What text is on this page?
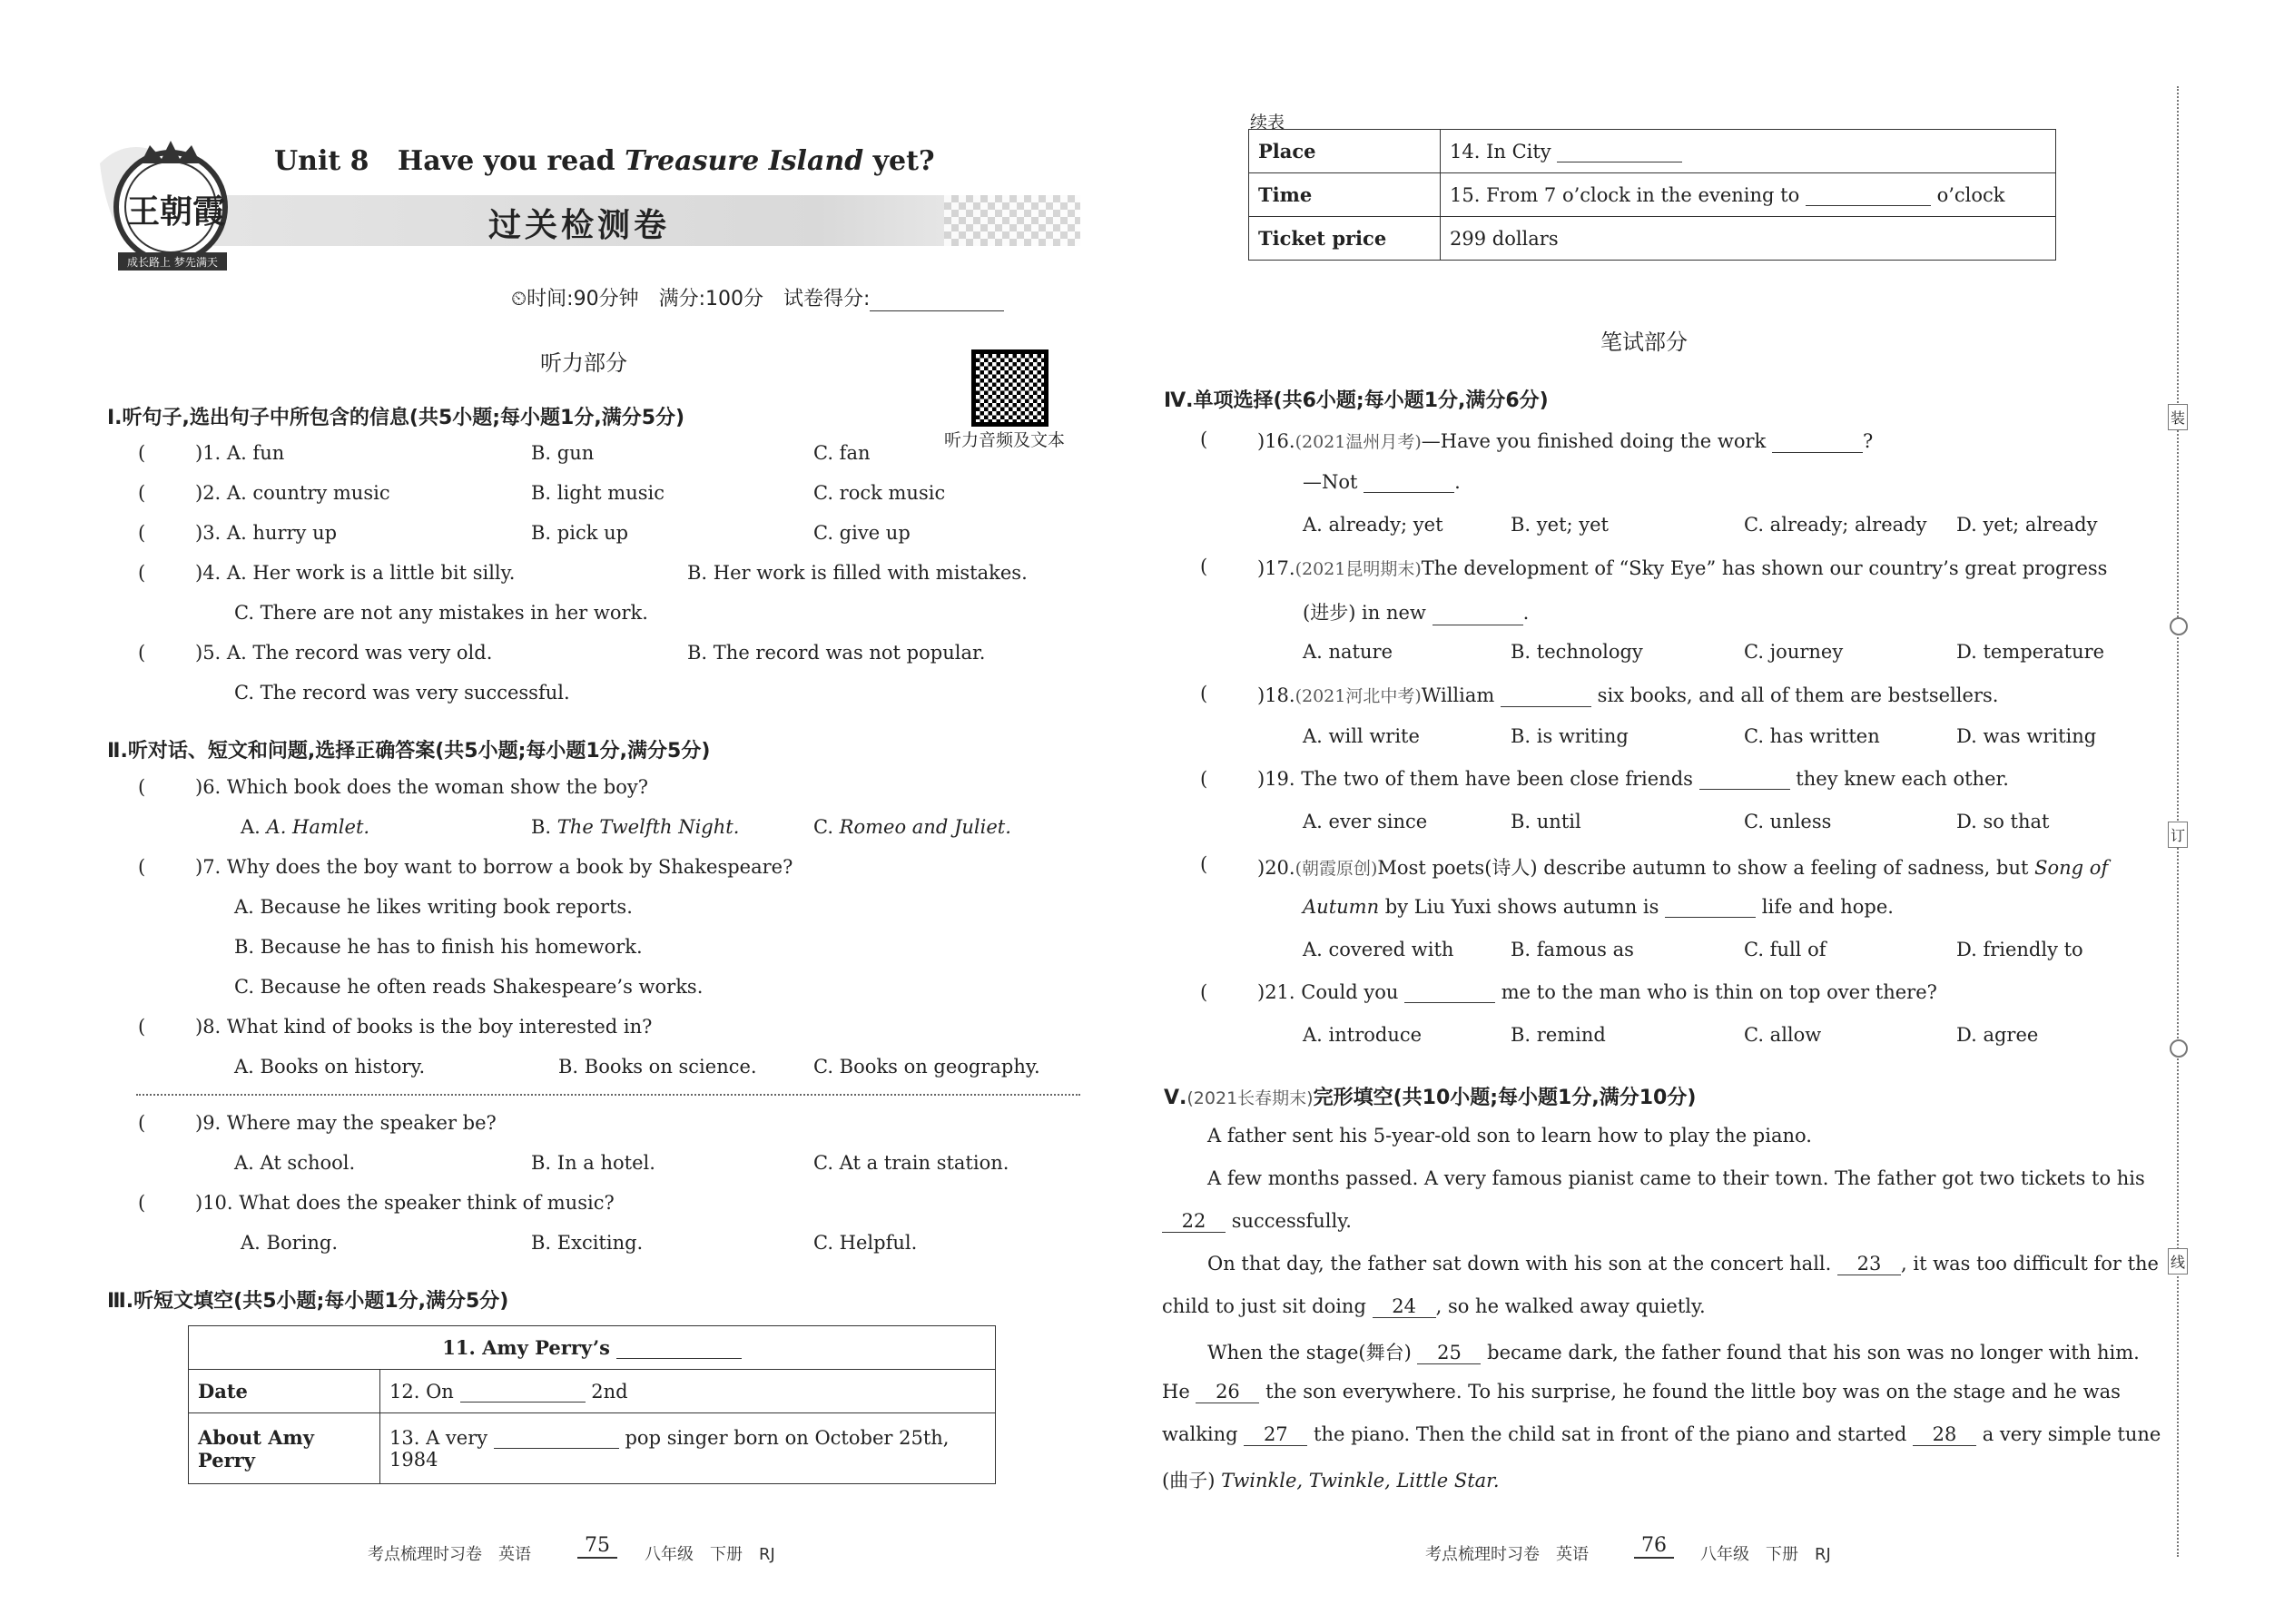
王朝霞
成长路上 梦先满天
Unit 8 Have you read Treasure Island yet?
过关检测卷
⏲时间:90分钟　满分:100分　试卷得分:
听力音频及文本
听力部分
Ⅰ.听句子,选出句子中所包含的信息(共5小题;每小题1分,满分5分)
(	)1. A. fun	B. gun	C. fan
(	)2. A. country music	B. light music	C. rock music
(	)3. A. hurry up	B. pick up	C. give up
(	)4. A. Her work is a little bit silly.	B. Her work is filled with mistakes.
C. There are not any mistakes in her work.
(	)5. A. The record was very old.	B. The record was not popular.
C. The record was very successful.
Ⅱ.听对话、短文和问题,选择正确答案(共5小题;每小题1分,满分5分)
(	)6. Which book does the woman show the boy?
A. A. Hamlet.	B. The Twelfth Night.	C. Romeo and Juliet.
(	)7. Why does the boy want to borrow a book by Shakespeare?
A. Because he likes writing book reports.
B. Because he has to finish his homework.
C. Because he often reads Shakespeare’s works.
(	)8. What kind of books is the boy interested in?
A. Books on history.	B. Books on science.	C. Books on geography.
(	)9. Where may the speaker be?
A. At school.	B. In a hotel.	C. At a train station.
(	)10. What does the speaker think of music?
A. Boring.	B. Exciting.	C. Helpful.
Ⅲ.听短文填空(共5小题;每小题1分,满分5分)
11. Amy Perry’s	
Date	12. On 2nd
About Amy Perry	13. A very pop singer born on October 25th, 1984
考点梳理时习卷　英语	75	八年级　下册　RJ
续表
Place	14. In City
Time	15. From 7 o’clock in the evening to o’clock
Ticket price	299 dollars
笔试部分
Ⅳ.单项选择(共6小题;每小题1分,满分6分)
(	)16.(2021温州月考)—Have you finished doing the work	?
—Not	.
A. already; yet	B. yet; yet	C. already; already D. yet; already
(	)17.(2021昆明期末)The development of “Sky Eye” has shown our country’s great progress
(进步) in new	.
A. nature	B. technology	C. journey	D. temperature
(	)18.(2021河北中考)William	six books, and all of them are bestsellers.
A. will write	B. is writing	C. has written	D. was writing
(	)19. The two of them have been close friends	they knew each other.
A. ever since	B. until	C. unless	D. so that
(	)20.(朝霞原创)Most poets(诗人) describe autumn to show a feeling of sadness, but Song of
Autumn by Liu Yuxi shows autumn is	life and hope.
A. covered with	B. famous as	C. full of	D. friendly to
(	)21. Could you	me to the man who is thin on top over there?
A. introduce	B. remind	C. allow	D. agree
Ⅴ.(2021长春期末)完形填空(共10小题;每小题1分,满分10分)
A father sent his 5-year-old son to learn how to play the piano.
A few months passed. A very famous pianist came to their town. The father got two tickets to his
22 successfully.
On that day, the father sat down with his son at the concert hall. 23 , it was too difficult for the
child to just sit doing 24 , so he walked away quietly.
When the stage(舞台) 25 became dark, the father found that his son was no longer with him.
He 26 the son everywhere. To his surprise, he found the little boy was on the stage and he was
walking 27 the piano. Then the child sat in front of the piano and started 28 a very simple tune
(曲子) Twinkle, Twinkle, Little Star.
考点梳理时习卷　英语	76	八年级　下册　RJ
装
订
线
